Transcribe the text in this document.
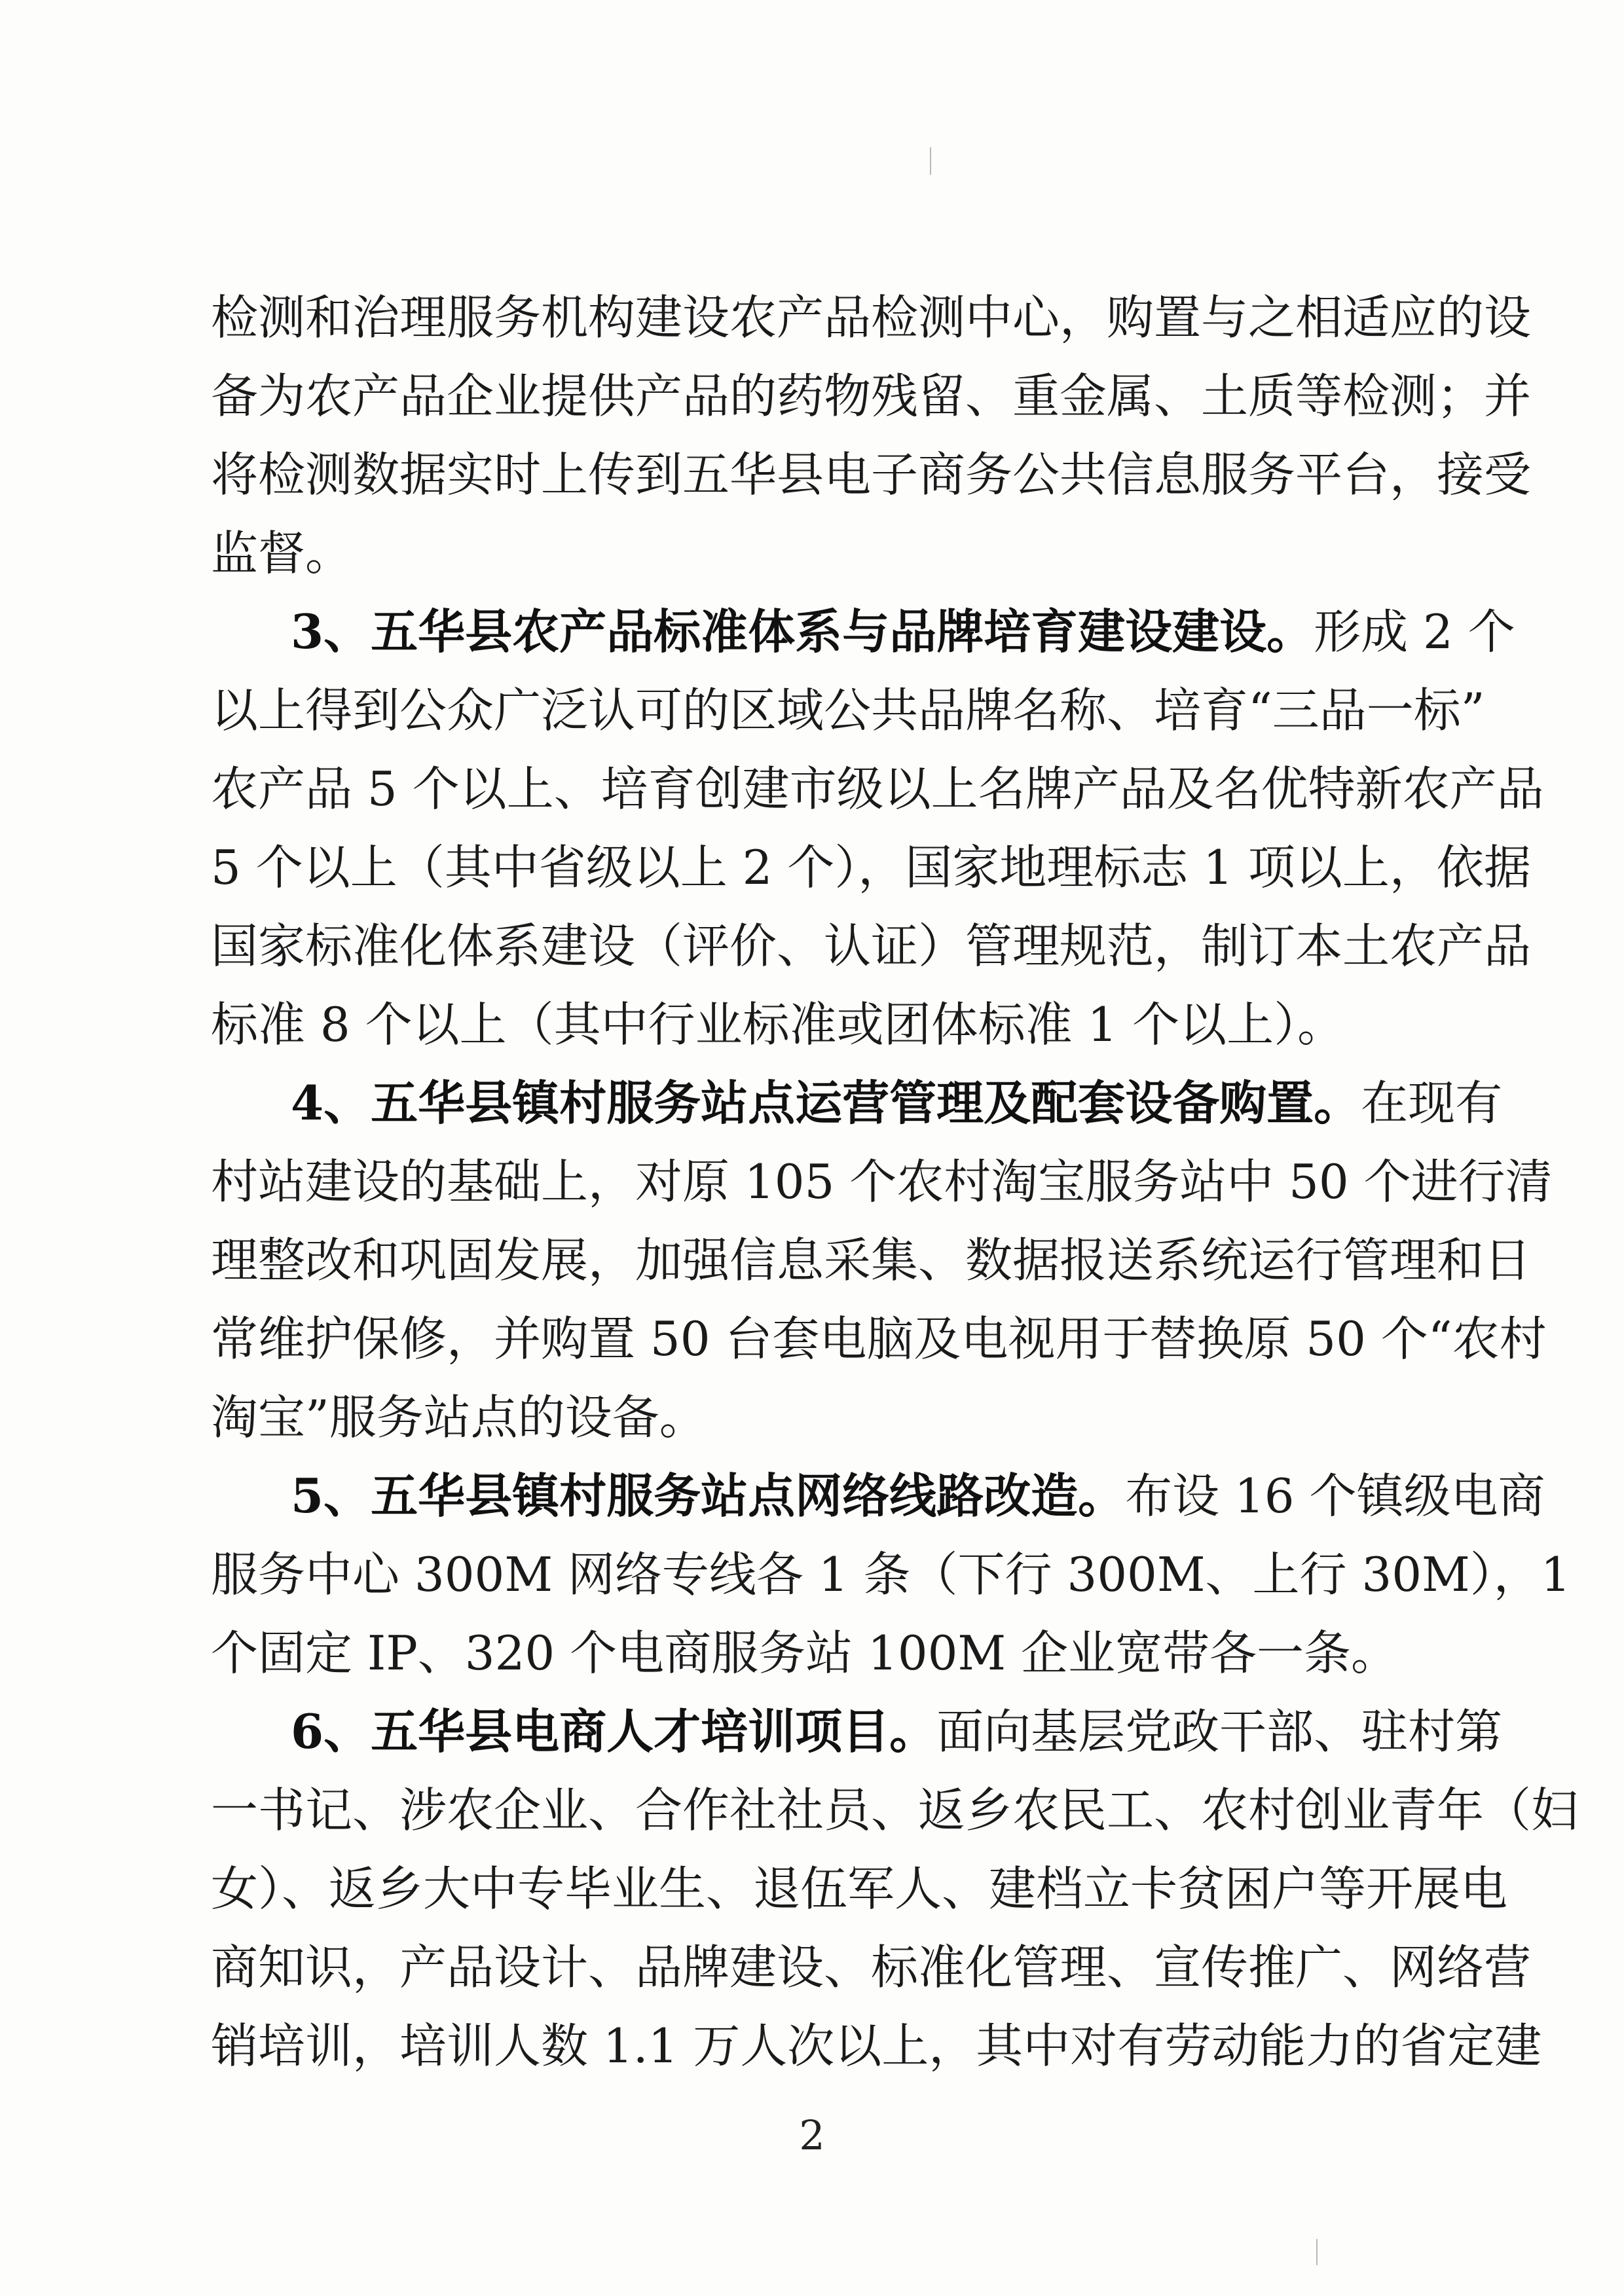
检测和治理服务机构建设农产品检测中心，购置与之相适应的设
备为农产品企业提供产品的药物残留、重金属、土质等检测；并
将检测数据实时上传到五华县电子商务公共信息服务平台，接受
监督。
3、五华县农产品标准体系与品牌培育建设建设。形成 2 个
以上得到公众广泛认可的区域公共品牌名称、培育“三品一标”
农产品 5 个以上、培育创建市级以上名牌产品及名优特新农产品
5 个以上（其中省级以上 2 个），国家地理标志 1 项以上，依据
国家标准化体系建设（评价、认证）管理规范，制订本土农产品
标准 8 个以上（其中行业标准或团体标准 1 个以上）。
4、五华县镇村服务站点运营管理及配套设备购置。在现有
村站建设的基础上，对原 105 个农村淘宝服务站中 50 个进行清
理整改和巩固发展，加强信息采集、数据报送系统运行管理和日
常维护保修，并购置 50 台套电脑及电视用于替换原 50 个“农村
淘宝”服务站点的设备。
5、五华县镇村服务站点网络线路改造。布设 16 个镇级电商
服务中心 300M 网络专线各 1 条（下行 300M、上行 30M），1
个固定 IP、320 个电商服务站 100M 企业宽带各一条。
6、五华县电商人才培训项目。面向基层党政干部、驻村第
一书记、涉农企业、合作社社员、返乡农民工、农村创业青年（妇
女）、返乡大中专毕业生、退伍军人、建档立卡贫困户等开展电
商知识，产品设计、品牌建设、标准化管理、宣传推广、网络营
销培训，培训人数 1.1 万人次以上，其中对有劳动能力的省定建
2
